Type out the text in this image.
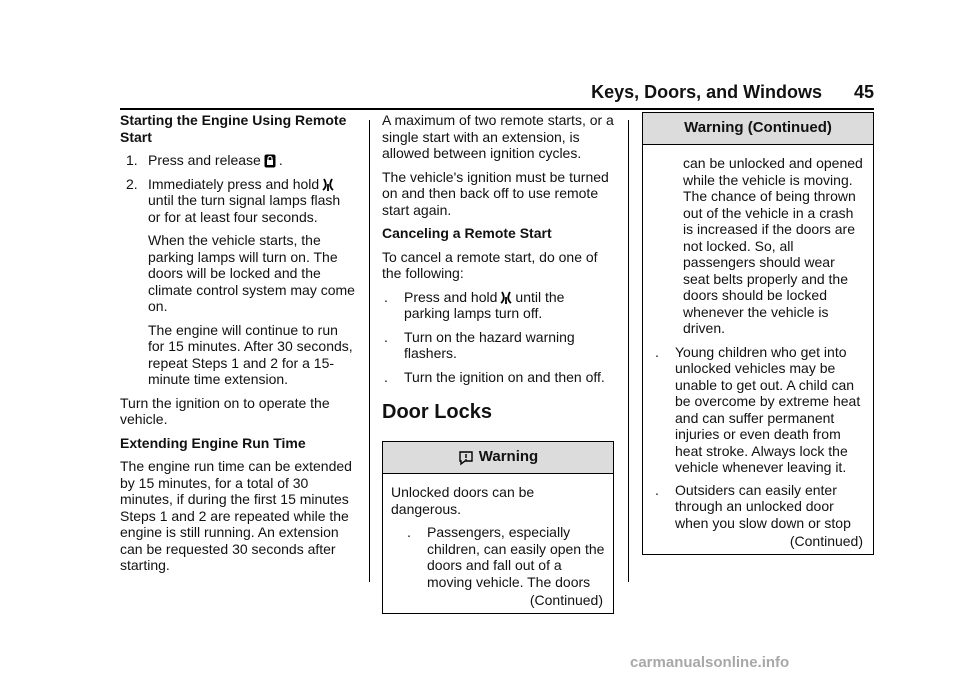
Keys, Doors, and Windows 45
Starting the Engine Using Remote Start
1. Press and release .
2. Immediately press and hold until the turn signal lamps flash or for at least four seconds.
When the vehicle starts, the parking lamps will turn on. The doors will be locked and the climate control system may come on.
The engine will continue to run for 15 minutes. After 30 seconds, repeat Steps 1 and 2 for a 15-minute time extension.
Turn the ignition on to operate the vehicle.
Extending Engine Run Time
The engine run time can be extended by 15 minutes, for a total of 30 minutes, if during the first 15 minutes Steps 1 and 2 are repeated while the engine is still running. An extension can be requested 30 seconds after starting.
A maximum of two remote starts, or a single start with an extension, is allowed between ignition cycles.
The vehicle's ignition must be turned on and then back off to use remote start again.
Canceling a Remote Start
To cancel a remote start, do one of the following:
.	Press and hold until the parking lamps turn off.
.	Turn on the hazard warning flashers.
.	Turn the ignition on and then off.
Door Locks
Warning
Unlocked doors can be dangerous.
.	Passengers, especially children, can easily open the doors and fall out of a moving vehicle. The doors
(Continued)
Warning (Continued)
can be unlocked and opened while the vehicle is moving. The chance of being thrown out of the vehicle in a crash is increased if the doors are not locked. So, all passengers should wear seat belts properly and the doors should be locked whenever the vehicle is driven.
.	Young children who get into unlocked vehicles may be unable to get out. A child can be overcome by extreme heat and can suffer permanent injuries or even death from heat stroke. Always lock the vehicle whenever leaving it.
.	Outsiders can easily enter through an unlocked door when you slow down or stop
(Continued)
carmanualsonline.info
